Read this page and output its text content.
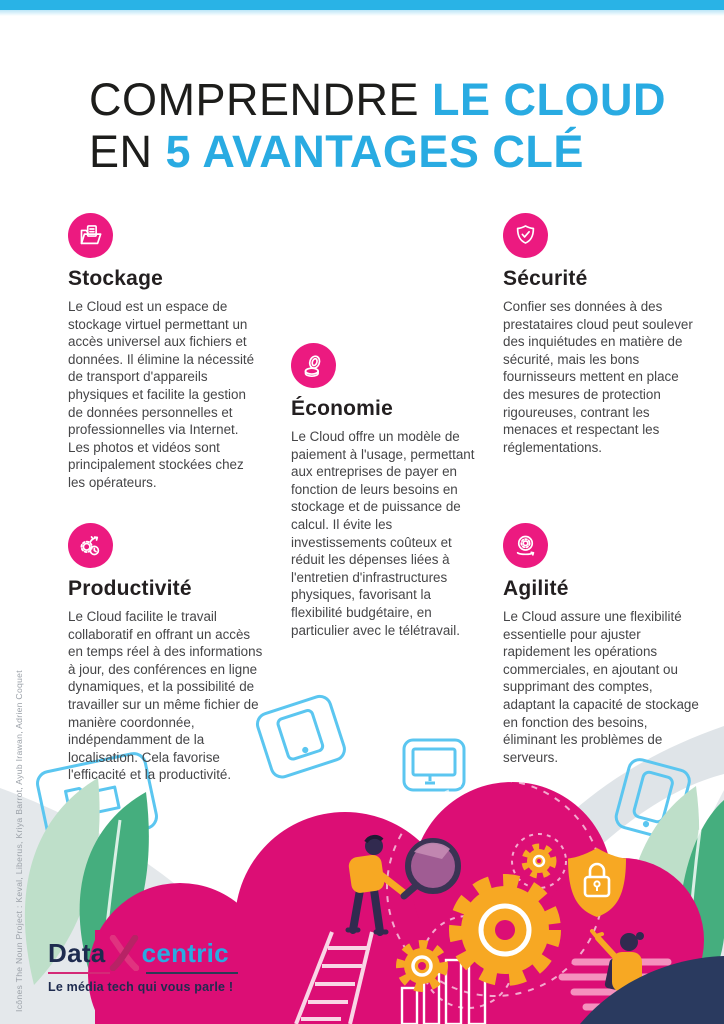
COMPRENDRE LE CLOUD
EN 5 AVANTAGES CLÉ
Stockage
Le Cloud est un espace de stockage virtuel permettant un accès universel aux fichiers et données. Il élimine la nécessité de transport d'appareils physiques et facilite la gestion de données personnelles et professionnelles via Internet. Les photos et vidéos sont principalement stockées chez les opérateurs.
Sécurité
Confier ses données à des prestataires cloud peut soulever des inquiétudes en matière de sécurité, mais les bons fournisseurs mettent en place des mesures de protection rigoureuses, contrant les menaces et respectant les réglementations.
Économie
Le Cloud offre un modèle de paiement à l'usage, permettant aux entreprises de payer en fonction de leurs besoins en stockage et de puissance de calcul. Il évite les investissements coûteux et réduit les dépenses liées à l'entretien d'infrastructures physiques, favorisant la flexibilité budgétaire, en particulier avec le télétravail.
Productivité
Le Cloud facilite le travail collaboratif en offrant un accès en temps réel à des informations à jour, des conférences en ligne dynamiques, et la possibilité de travailler sur un même fichier de manière coordonnée, indépendamment de la localisation. Cela favorise l'efficacité et la productivité.
Agilité
Le Cloud assure une flexibilité essentielle pour ajuster rapidement les opérations commerciales, en ajoutant ou supprimant des comptes, adaptant la capacité de stockage en fonction des besoins, éliminant les problèmes de serveurs.
Icônes The Noun Project : Keval, Liberus, Kriya Barrot, Ayub Irawan, Adrien Coquet Data centric
Le média tech qui vous parle !
